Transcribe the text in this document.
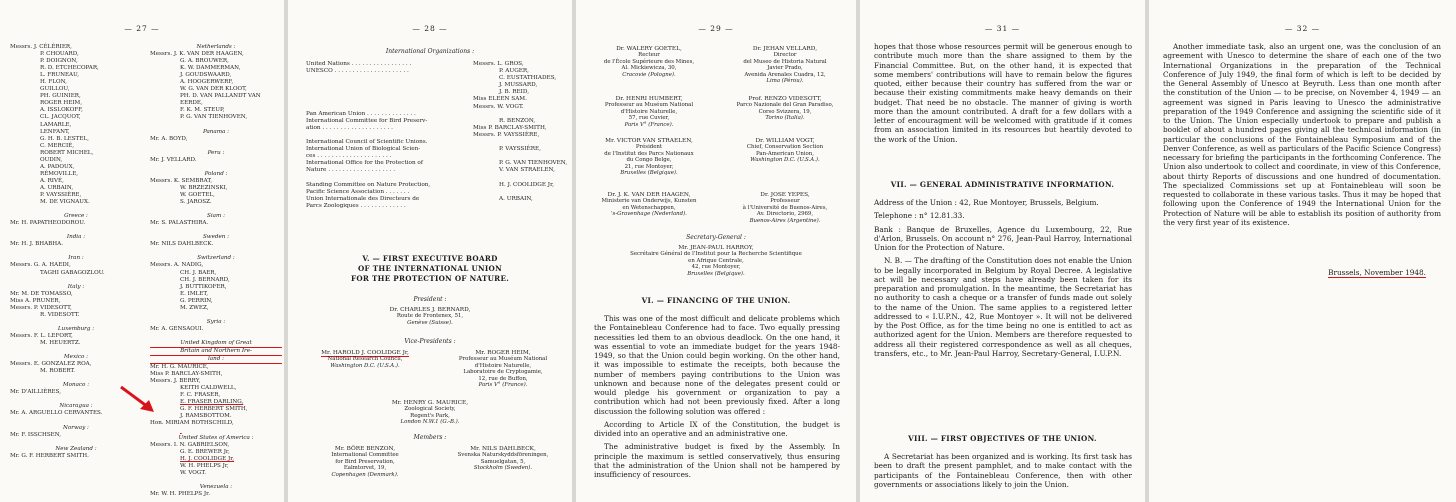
— 27 —
Messrs. J. CÉLÉRIER,
P. CHOUARD,
P. DOIGNON,
R. D. ETCHECOPAR,
L. FRUNEAU,
H. FLON,
GUILLOU,
PH. GUINIER,
ROGER HEIM,
A. ISSLOKOFF,
CL. JACQUOT,
LAMARLE,
LENFANT,
G. H. B. LESTEL,
C. MERCIÉ,
ROBERT MICHEL,
OUDIN,
A. PADOUX,
RÉMOVILLE,
A. RIVÉ,
A. URBAIN,
P. VAYSSIÈRE,
M. DE VIGNAUX.

Greece :
Mr. H. PAPATHEODOROU.

India :
Mr. H. J. BHABHA.

Iran :
Messrs. G. A. HAEDI,
TAGHI GABAGOZLOU.

Italy :
Mr. M. DE TOMASSO,
Miss A. PRUNER,
Messrs. P. VIDESOTT,
R. VIDESOTT.

Luxemburg :
Messrs. F. L. LEFORT,
M. HEUERTZ.

Mexico :
Messrs. E. GONZALEZ ROA,
M. ROBERT.

Monaco :
Mr. D'AILLIÈRES,

Nicaragua :
Mr. A. ARGUELLO CERVANTES.

Norway :
Mr. F. ISSCHSEN,

New Zealand :
Mr. G. F. HERBERT SMITH.
Netherlands :
Messrs. J. K. VAN DER HAAGEN,
G. A. BROUWER,
K. W. DAMMERMAN,
J. GOUDSWAARD,
A. HOOGERWERF,
W. G. VAN DER KLOOT,
PH. D. VAN PALLANDT VAN
EERDE,
F. K. M. STEUP,
P. G. VAN TIENHOVEN,

Panama :
Mr. A. BOYD,

Peru :
Mr. J. VELLARD.

Poland :
Messrs. K. SEMBRAT,
W. BRZEZINSKI,
W. GOETEL,
S. JAROSZ.

Siam :
Mr. S. PALASTHIRA.

Sweden :
Mr. NILS DAHLBECK.

Switzerland :
Messrs. A. NADIG,
CH. J. BAER,
CH. J. BERNARD,
J. BUTTIKOFER,
E. IMLET,
G. PERRIN,
M. ZWEZ,

Syria :
Mr. A. GENSAOUI.

United Kingdom of Great
Britain and Northern Ire-
land :
Mr. H. G. MAURICE,
Miss P. BARCLAY-SMITH,
Messrs. J. BERRY,
KEITH CALDWELL,
F. C. FRASER,
E. FRASER DARLING,
G. F. HERBERT SMITH,
J. RAMSBOTTOM.
Hon. MIRIAM ROTHSCHILD,

United States of America :
Messrs. I. N. GABRIELSON,
G. E. BREWER Jr,
H. J. COOLIDGE Jr,
W. H. PHELPS Jr,
W. VOGT.

Venezuela :
Mr. W. H. PHELPS Jr.
— 28 —
International Organizations :
United Nations . . . . . . . . . . . . . . . . .
UNESCO . . . . . . . . . . . . . . . . . . . . .

Pan American Union . . . . . . . . . . . . . .
International Committee for Bird Preserv-
ation . . . . . . . . . . . . . . . . . . . .

International Council of Scientific Unions.
International Union of Biological Scien-
ces . . . . . . . . . . . . . . . . . . . . .
International Office for the Protection of
Nature . . . . . . . . . . . . . . . . . . .

Standing Committee on Nature Protection,
Pacific Science Association . . . . . . .
Union Internationale des Directeurs de
Parcs Zoologiques . . . . . . . . . . . . .

Messrs. L. GROS,
P. AUGER,
C. EUSTATHIADES,
J. MUSSARD,
J. B. REID,
Miss ELEEN SAM.
Messrs. W. VOGT.

R. BENZON,
Miss P. BARCLAY-SMITH,
Messrs. P. VAYSSIÈRE,

P. VAYSSIÈRE,

P. G. VAN TIENHOVEN,
V. VAN STRAELEN,

H. J. COOLIDGE Jr,

A. URBAIN,
V. — FIRST EXECUTIVE BOARD
OF THE INTERNATIONAL UNION
FOR THE PROTECTION OF NATURE.
President :
Dr. CHARLES J. BERNARD,
Route de Frontenex, 51,
Genève (Suisse).
Vice-Presidents :
Mr. HAROLD J. COOLIDGE Jr,
National Research Council,
Washington D.C. (U.S.A.).
Mr. ROGER HEIM,
Professeur au Muséum National
d'Histoire Naturelle,
Laboratoire de Cryptogamie,
12, rue de Buffon,
Paris V° (France).
Mr. HENRY G. MAURICE,
Zoological Society,
Regent's Park,
London N.W.1 (G.-B.).
Members :
Mr. BÖRE BENZON,
International Committee
for Bird Preservation,
Ealmtorvet, 19,
Copenhagen (Denmark).
Mr. NILS DAHLBECK,
Svenska Naturskyddsföreningen,
Samuelgatan, 5,
Stockholm (Sweden).
— 29 —
Dr. WALERY GOETEL,
Recteur
de l'École Supérieure des Mines,
Al. Mickiewicza, 30,
Cracovie (Pologne).
Dr. JEHAN VELLARD,
Director
del Museo de Historia Natural
Javier Prado,
Avenida Arenales Cuadra, 12,
Lima (Pérou).
Dr. HENRI HUMBERT,
Professeur au Muséum National
d'Histoire Naturelle,
57, rue Cuvier,
Paris V° (France).
Prof. RENZO VIDESOTT,
Parco Nazionale del Gran Paradiso,
Corso Svizzera, 19,
Torino (Italia).
Mr. VICTOR VAN STRAELEN,
Président
de l'Institut des Parcs Nationaux
du Congo Belge,
21, rue Montoyer,
Bruxelles (Belgique).
Dr. WILLIAM VOGT,
Chief, Conservation Section
Pan-American Union,
Washington D.C. (U.S.A.).
Dr. J. K. VAN DER HAAGEN,
Ministerie van Onderwijs, Kunsten
en Wetenschappen,
's-Gravenhage (Nederland).
Dr. JOSE YEPES,
Professeur
à l'Université de Buenos-Aires,
Av. Directorio, 2969,
Buenos-Aires (Argentine).
Secretary-General :
Mr. JEAN-PAUL HARROY,
Secrétaire Général de l'Institut pour la Recherche Scientifique
en Afrique Centrale,
42, rue Montoyer,
Bruxelles (Belgique).
VI. — FINANCING OF THE UNION.

This was one of the most difficult and delicate problems which the Fontainebleau Conference had to face. Two equally pressing necessities led them to an obvious deadlock. On the one hand, it was essential to vote an immediate budget for the years 1948-1949, so that the Union could begin working. On the other hand, it was impossible to estimate the receipts, both because the number of members paying contributions to the Union was unknown and because none of the delegates present could or would pledge his government or organization to pay a contribution which had not been previously fixed. After a long discussion the following solution was offered :

According to Article IX of the Constitution, the budget is divided into an operative and an administrative one.

The administrative budget is fixed by the Assembly. In principle the maximum is settled conservatively, thus ensuring that the administration of the Union shall not be hampered by insufficiency of resources.

— 31 —

hopes that those whose resources permit will be generous enough to contribute much more than the share assigned to them by the Financial Committee. But, on the other hand, it is expected that some members' contributions will have to remain below the figures quoted, either because their country has suffered from the war or because their existing commitments make heavy demands on their budget. That need be no obstacle. The manner of giving is worth more than the amount contributed. A draft for a few dollars with a letter of encouragment will be welcomed with gratitude if it comes from an association limited in its resources but heartily devoted to the work of the Union.

VII. — GENERAL ADMINISTRATIVE INFORMATION.

Address of the Union : 42, Rue Montoyer, Brussels, Belgium.

Telephone : n° 12.81.33.

Bank : Banque de Bruxelles, Agence du Luxembourg, 22, Rue d'Arlon, Brussels. On account n° 276, Jean-Paul Harroy, International Union for the Protection of Nature.

N. B. — The drafting of the Constitution does not enable the Union to be legally incorporated in Belgium by Royal Decree. A legislative act will be necessary and steps have already been taken for its preparation and promulgation. In the meantime, the Secretariat has no authority to cash a cheque or a transfer of funds made out solely to the name of the Union. The same applies to a registered letter addressed to « I.U.P.N., 42, Rue Montoyer ». It will not be delivered by the Post Office, as for the time being no one is entitled to act as authorized agent for the Union. Members are therefore requested to address all their registered correspondence as well as all cheques, transfers, etc., to Mr. Jean-Paul Harroy, Secretary-General, I.U.P.N.

VIII. — FIRST OBJECTIVES OF THE UNION.

A Secretariat has been organized and is working. Its first task has been to draft the present pamphlet, and to make contact with the participants of the Fontainebleau Conference, then with other governments or associations likely to join the Union.

— 32 —

Another immediate task, also an urgent one, was the conclusion of an agreement with Unesco to determine the share of each one of the two International Organizations in the preparation of the Technical Conference of July 1949, the final form of which is left to be decided by the General Assembly of Unesco at Beyruth. Less than one month after the constitution of the Union — to be precise, on November 4, 1949 — an agreement was signed in Paris leaving to Unesco the administrative preparation of the 1949 Conference and assigning the scientific side of it to the Union. The Union especially undertook to prepare and publish a booklet of about a hundred pages giving all the technical information (in particular the conclusions of the Fontainebleau Symposium and of the Denver Conference, as well as particulars of the Pacific Science Congress) necessary for briefing the participants in the forthcoming Conference. The Union also undertook to collect and coordinate, in view of this Conference, about thirty Reports of discussions and one hundred of documentation. The specialized Commissions set up at Fontainebleau will soon be requested to collaborate in these various tasks. Thus it may be hoped that following upon the Conference of 1949 the International Union for the Protection of Nature will be able to establish its position of authority from the very first year of its existence.

Brussels, November 1948.
